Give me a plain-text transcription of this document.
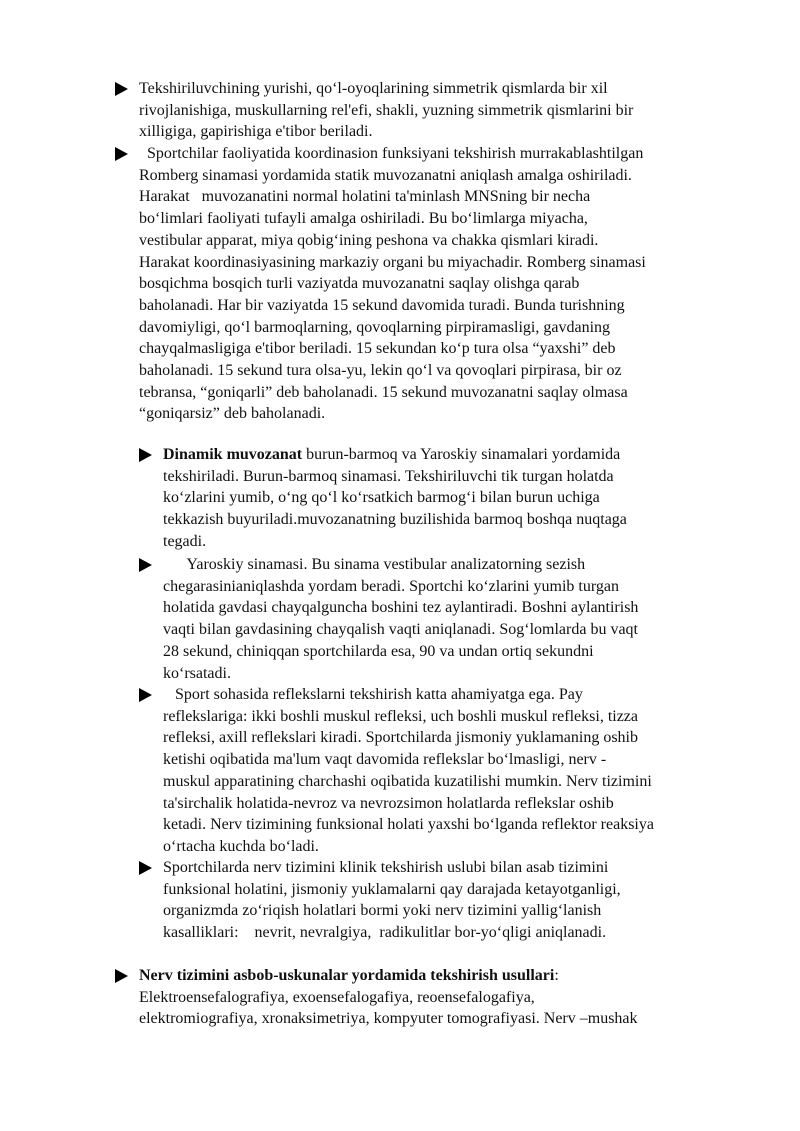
Tekshiriluvchining yurishi, qo‘l-oyoqlarining simmetrik qismlarda bir xil
rivojlanishiga, muskullarning rel'efi, shakli, yuzning simmetrik qismlarini bir
xilligiga, gapirishiga e'tibor beriladi.

Sportchilar faoliyatida koordinasion funksiyani tekshirish murrakablashtilgan
Romberg sinamasi yordamida statik muvozanatni aniqlash amalga oshiriladi.
Harakat   muvozanatini normal holatini ta'minlash MNSning bir necha
bo‘limlari faoliyati tufayli amalga oshiriladi. Bu bo‘limlarga miyacha,
vestibular apparat, miya qobig‘ining peshona va chakka qismlari kiradi.
Harakat koordinasiyasining markaziy organi bu miyachadir. Romberg sinamasi
bosqichma bosqich turli vaziyatda muvozanatni saqlay olishga qarab
baholanadi. Har bir vaziyatda 15 sekund davomida turadi. Bunda turishning
davomiyligi, qo‘l barmoqlarning, qovoqlarning pirpiramasligi, gavdaning
chayqalmasligiga e'tibor beriladi. 15 sekundan ko‘p tura olsa “yaxshi” deb
baholanadi. 15 sekund tura olsa-yu, lekin qo‘l va qovoqlari pirpirasa, bir oz
tebransa, “goniqarli” deb baholanadi. 15 sekund muvozanatni saqlay olmasa
“goniqarsiz” deb baholanadi.

Dinamik muvozanat burun-barmoq va Yaroskiy sinamalari yordamida
tekshiriladi. Burun-barmoq sinamasi. Tekshiriluvchi tik turgan holatda
ko‘zlarini yumib, o‘ng qo‘l ko‘rsatkich barmog‘i bilan burun uchiga
tekkazish buyuriladi.muvozanatning buzilishida barmoq boshqa nuqtaga
tegadi.

Yaroskiy sinamasi. Bu sinama vestibular analizatorning sezish
chegarasinianiqlashda yordam beradi. Sportchi ko‘zlarini yumib turgan
holatida gavdasi chayqalguncha boshini tez aylantiradi. Boshni aylantirish
vaqti bilan gavdasining chayqalish vaqti aniqlanadi. Sog‘lomlarda bu vaqt
28 sekund, chiniqqan sportchilarda esa, 90 va undan ortiq sekundni
ko‘rsatadi.

Sport sohasida reflekslarni tekshirish katta ahamiyatga ega. Pay
reflekslariga: ikki boshli muskul refleksi, uch boshli muskul refleksi, tizza
refleksi, axill reflekslari kiradi. Sportchilarda jismoniy yuklamaning oshib
ketishi oqibatida ma'lum vaqt davomida reflekslar bo‘lmasligi, nerv -
muskul apparatining charchashi oqibatida kuzatilishi mumkin. Nerv tizimini
ta'sirchalik holatida-nevroz va nevrozsimon holatlarda reflekslar oshib
ketadi. Nerv tizimining funksional holati yaxshi bo‘lganda reflektor reaksiya
o‘rtacha kuchda bo‘ladi.

Sportchilarda nerv tizimini klinik tekshirish uslubi bilan asab tizimini
funksional holatini, jismoniy yuklamalarni qay darajada ketayotganligi,
organizmda zo‘riqish holatlari bormi yoki nerv tizimini yallig‘lanish
kasalliklari:    nevrit, nevralgiya,  radikulitlar bor-yo‘qligi aniqlanadi.

Nerv tizimini asbob-uskunalar yordamida tekshirish usullari:
Elektroensefalografiya, exoensefalogafiya, reoensefalogafiya,
elektromiografiya, xronaksimetriya, kompyuter tomografiyasi. Nerv –mushak
